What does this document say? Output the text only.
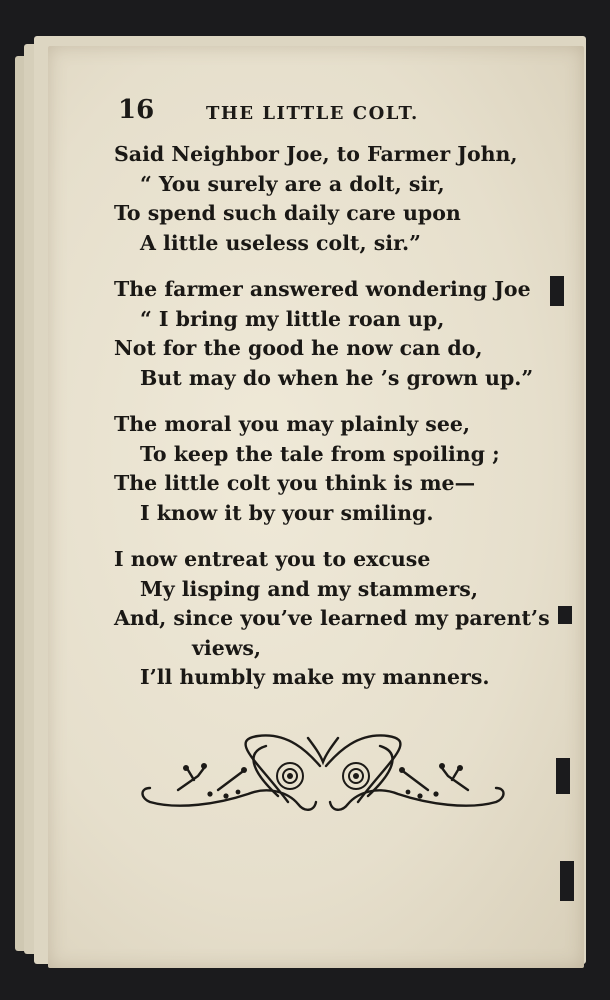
16	THE LITTLE COLT.
Said Neighbor Joe, to Farmer John,
“ You surely are a dolt, sir,
To spend such daily care upon
A little useless colt, sir.”
The farmer answered wondering Joe
“ I bring my little roan up,
Not for the good he now can do,
But may do when he ’s grown up.”
The moral you may plainly see,
To keep the tale from spoiling ;
The little colt you think is me—
I know it by your smiling.
I now entreat you to excuse
My lisping and my stammers,
And, since you’ve learned my parent’s
views,
I’ll humbly make my manners.
